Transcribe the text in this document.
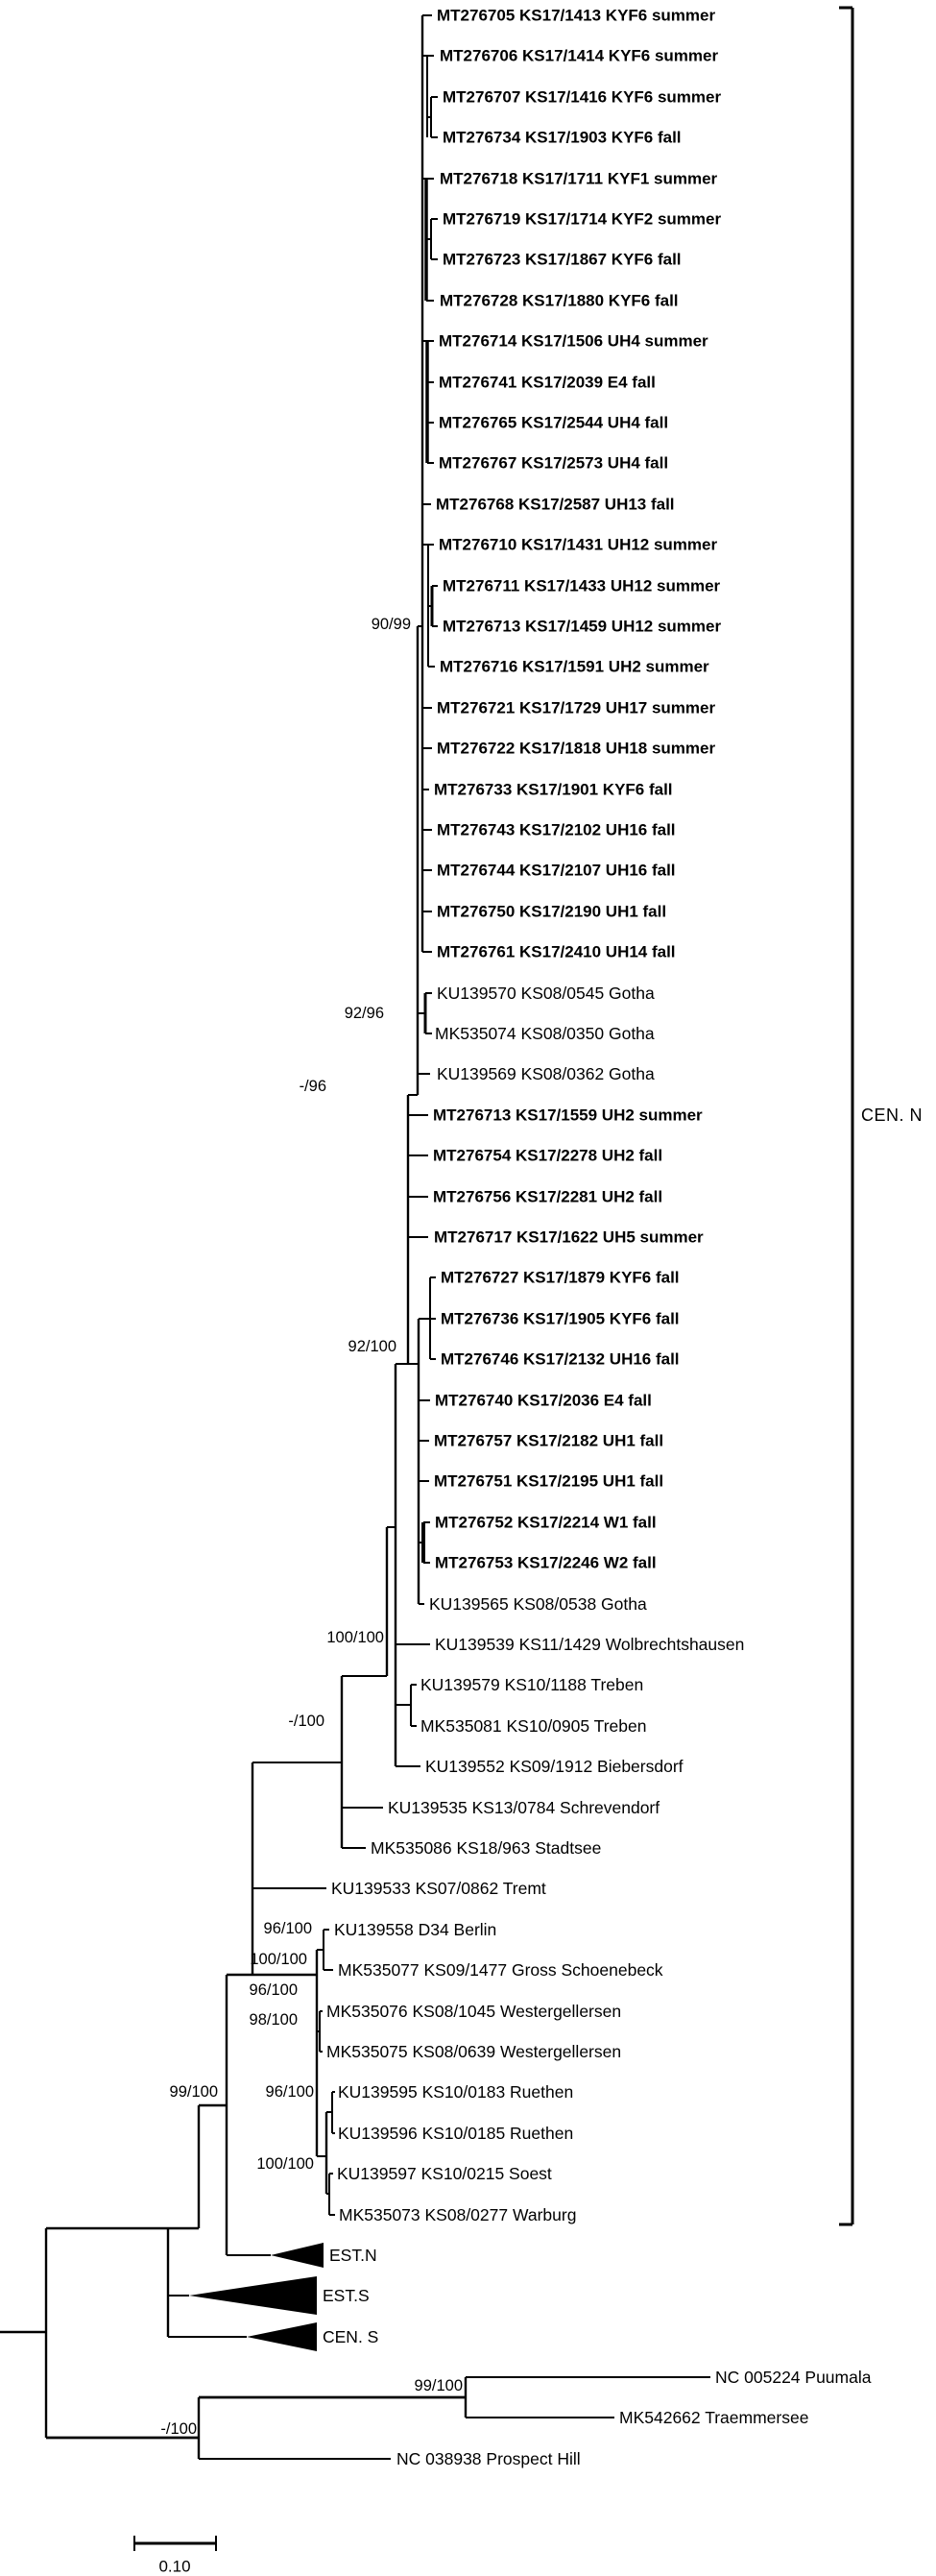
MT276705 KS17/1413 KYF6 summer
MT276706 KS17/1414 KYF6 summer
MT276707 KS17/1416 KYF6 summer
MT276734 KS17/1903 KYF6 fall
MT276718 KS17/1711 KYF1 summer
MT276719 KS17/1714 KYF2 summer
MT276723 KS17/1867 KYF6 fall
MT276728 KS17/1880 KYF6 fall
MT276714 KS17/1506 UH4 summer
MT276741 KS17/2039 E4 fall
MT276765 KS17/2544 UH4 fall
MT276767 KS17/2573 UH4 fall
MT276768 KS17/2587 UH13 fall
MT276710 KS17/1431 UH12 summer
MT276711 KS17/1433 UH12 summer
MT276713 KS17/1459 UH12 summer
MT276716 KS17/1591 UH2 summer
MT276721 KS17/1729 UH17 summer
MT276722 KS17/1818 UH18 summer
MT276733 KS17/1901 KYF6 fall
MT276743 KS17/2102 UH16 fall
MT276744 KS17/2107 UH16 fall
MT276750 KS17/2190 UH1 fall
MT276761 KS17/2410 UH14 fall
KU139570 KS08/0545 Gotha
MK535074 KS08/0350 Gotha
KU139569 KS08/0362 Gotha
MT276713 KS17/1559 UH2 summer
MT276754 KS17/2278 UH2 fall
MT276756 KS17/2281 UH2 fall
MT276717 KS17/1622 UH5 summer
MT276727 KS17/1879 KYF6 fall
MT276736 KS17/1905 KYF6 fall
MT276746 KS17/2132 UH16 fall
MT276740 KS17/2036 E4 fall
MT276757 KS17/2182 UH1 fall
MT276751 KS17/2195 UH1 fall
MT276752 KS17/2214 W1 fall
MT276753 KS17/2246 W2 fall
KU139565 KS08/0538 Gotha
KU139539 KS11/1429 Wolbrechtshausen
KU139579 KS10/1188 Treben
MK535081 KS10/0905 Treben
KU139552 KS09/1912 Biebersdorf
KU139535 KS13/0784 Schrevendorf
MK535086 KS18/963 Stadtsee
KU139533 KS07/0862 Tremt
KU139558 D34 Berlin
MK535077 KS09/1477 Gross Schoenebeck
MK535076 KS08/1045 Westergellersen
MK535075 KS08/0639 Westergellersen
KU139595 KS10/0183 Ruethen
KU139596 KS10/0185 Ruethen
KU139597 KS10/0215 Soest
MK535073 KS08/0277 Warburg
NC 005224 Puumala
MK542662 Traemmersee
NC 038938 Prospect Hill
90/99
92/96
-/96
92/100
100/100
-/100
96/100
100/100
96/100
98/100
99/100	96/100
100/100
99/100
-/100
EST.N
EST.S
CEN. S
CEN. N
0.10
